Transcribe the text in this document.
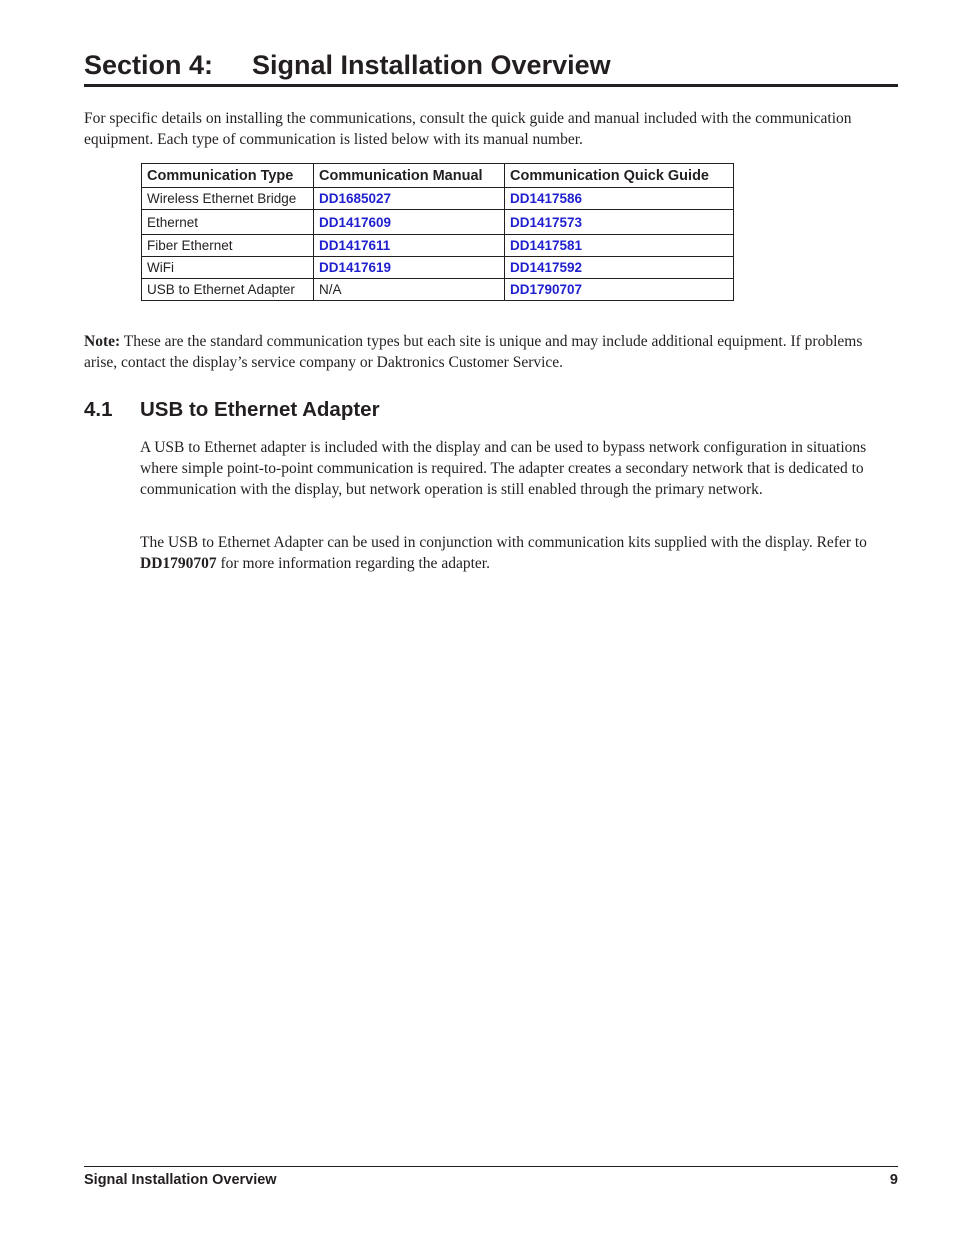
Section 4: Signal Installation Overview

For specific details on installing the communications, consult the quick guide and manual included with the communication equipment. Each type of communication is listed below with its manual number.

Communication Type	Communication Manual	Communication Quick Guide
Wireless Ethernet Bridge	DD1685027	DD1417586
Ethernet	DD1417609	DD1417573
Fiber Ethernet	DD1417611	DD1417581
WiFi	DD1417619	DD1417592
USB to Ethernet Adapter	N/A	DD1790707

Note: These are the standard communication types but each site is unique and may include additional equipment. If problems arise, contact the display’s service company or Daktronics Customer Service.

4.1 USB to Ethernet Adapter

A USB to Ethernet adapter is included with the display and can be used to bypass network configuration in situations where simple point-to-point communication is required. The adapter creates a secondary network that is dedicated to communication with the display, but network operation is still enabled through the primary network.

The USB to Ethernet Adapter can be used in conjunction with communication kits supplied with the display. Refer to DD1790707 for more information regarding the adapter.

Signal Installation Overview	9
